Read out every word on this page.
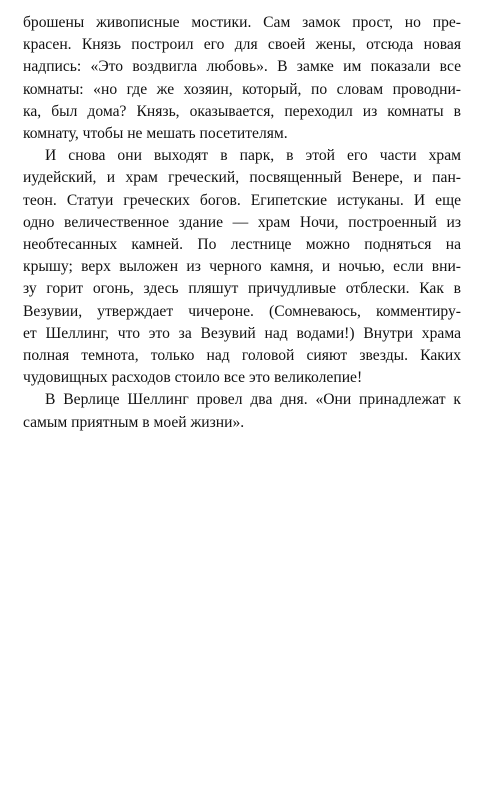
брошены живописные мостики. Сам замок прост, но пре-
красен. Князь построил его для своей жены, отсюда новая
надпись: «Это воздвигла любовь». В замке им показали все
комнаты: «но где же хозяин, который, по словам проводни-
ка, был дома? Князь, оказывается, переходил из комнаты в
комнату, чтобы не мешать посетителям.
И снова они выходят в парк, в этой его части храм
иудейский, и храм греческий, посвященный Венере, и пан-
теон. Статуи греческих богов. Египетские истуканы. И еще
одно величественное здание — храм Ночи, построенный из
необтесанных камней. По лестнице можно подняться на
крышу; верх выложен из черного камня, и ночью, если вни-
зу горит огонь, здесь пляшут причудливые отблески. Как в
Везувии, утверждает чичероне. (Сомневаюсь, комментиру-
ет Шеллинг, что это за Везувий над водами!) Внутри храма
полная темнота, только над головой сияют звезды. Каких
чудовищных расходов стоило все это великолепие!
В Верлице Шеллинг провел два дня. «Они принадлежат к
самым приятным в моей жизни».
